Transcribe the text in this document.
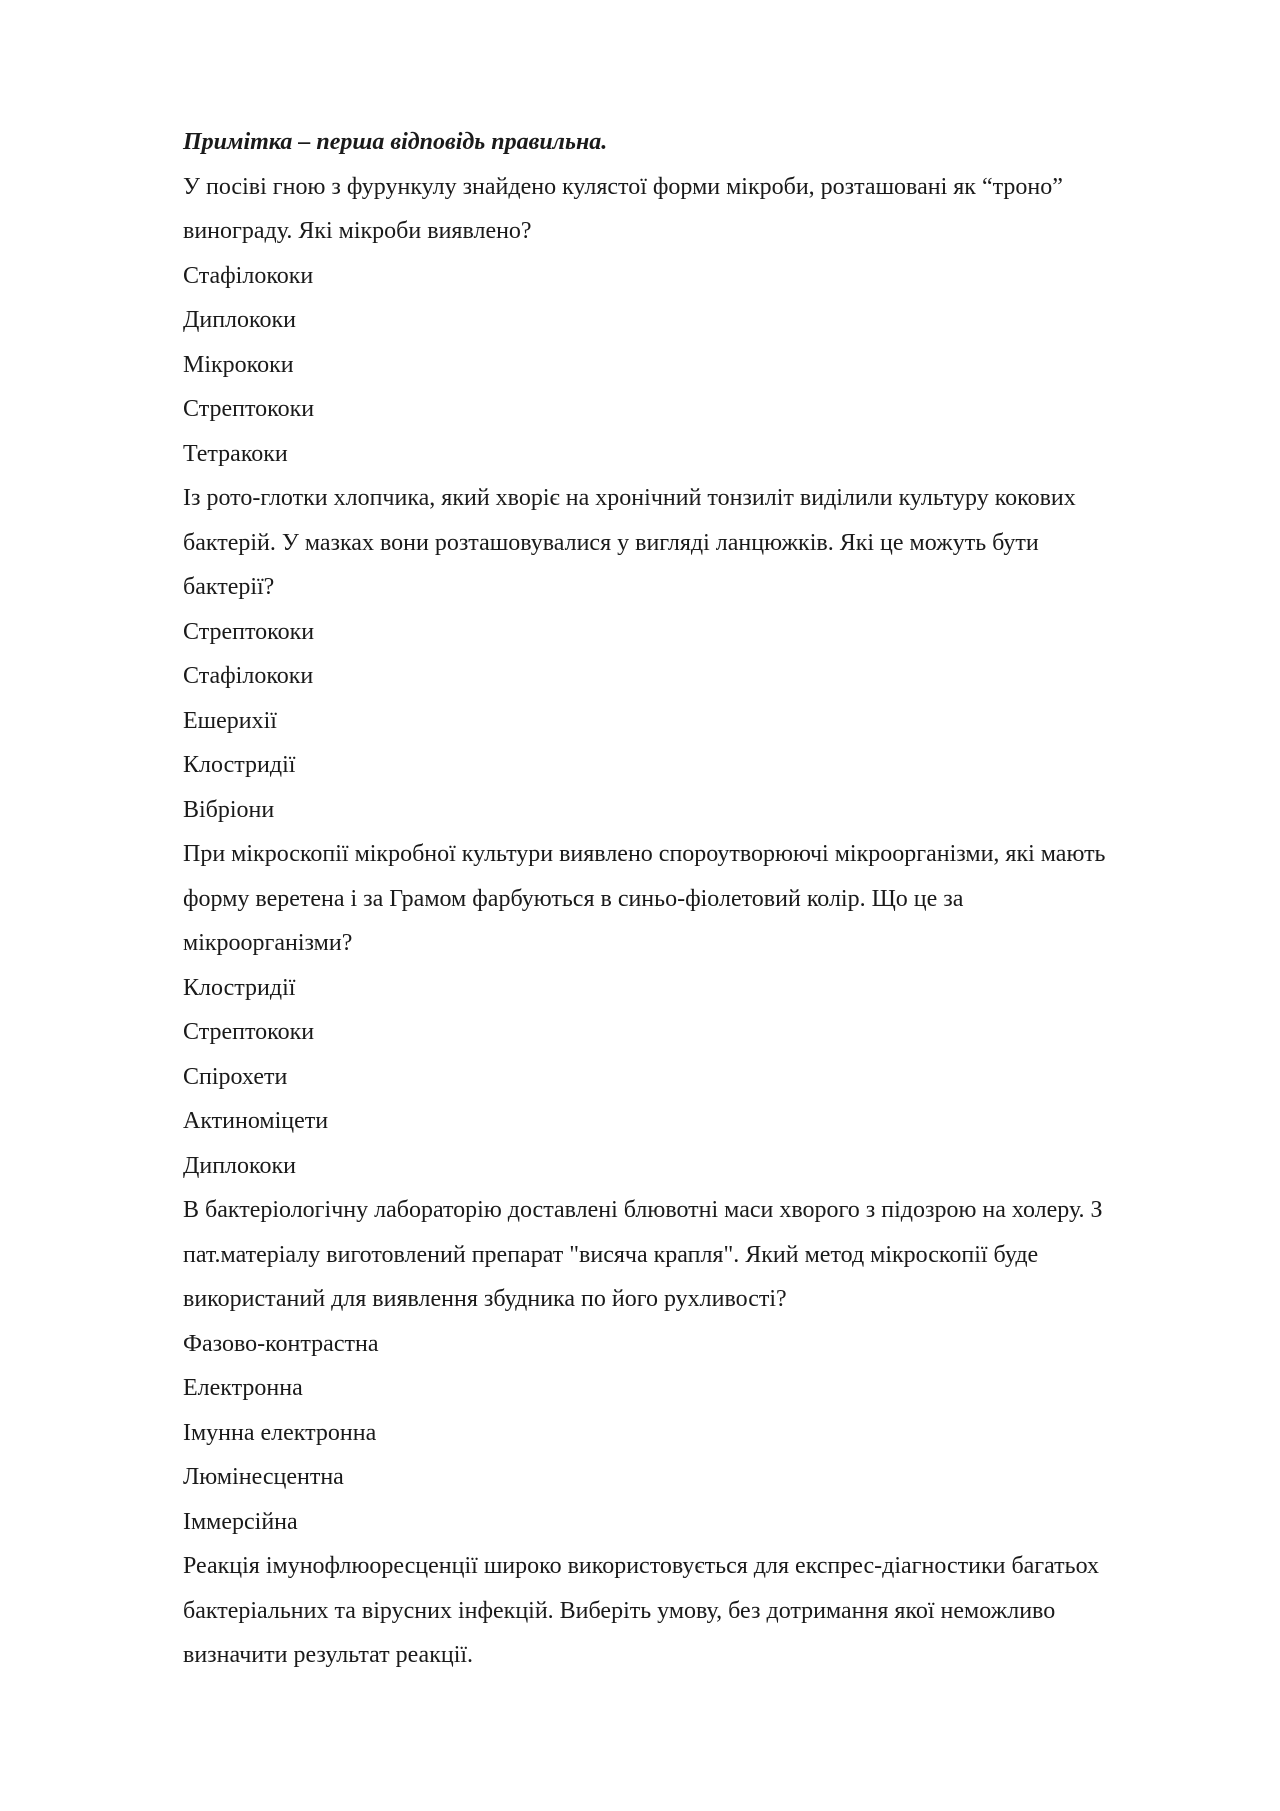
Примітка – перша відповідь правильна.

У посіві гною з фурункулу знайдено кулястої форми мікроби, розташовані як “троно”
винограду. Які мікроби виявлено?
Стафілококи
Диплококи
Мікрококи
Стрептококи
Тетракоки
Із рото-глотки хлопчика, який хворіє на хронічний тонзиліт виділили культуру кокових
бактерій. У мазках вони розташовувалися у вигляді ланцюжків. Які це можуть бути
бактерії?
Стрептококи
Стафілококи
Ешерихії
Клостридії
Вібріони
При мікроскопії мікробної культури виявлено спороутворюючі мікроорганізми, які мають
форму веретена і за Грамом фарбуються в синьо-фіолетовий колір. Що це за
мікроорганізми?
Клостридії
Стрептококи
Спірохети
Актиноміцети
Диплококи
В бактеріологічну лабораторію доставлені блювотні маси хворого з підозрою на холеру. З
пат.матеріалу виготовлений препарат "висяча крапля". Який метод мікроскопії буде
використаний для виявлення збудника по його рухливості?
Фазово-контрастна
Електронна
Імунна електронна
Люмінесцентна
Іммерсійна
Реакція імунофлюоресценції широко використовується для експрес-діагностики багатьох
бактеріальних та вірусних інфекцій. Виберіть умову, без дотримання якої неможливо
визначити результат реакції.
